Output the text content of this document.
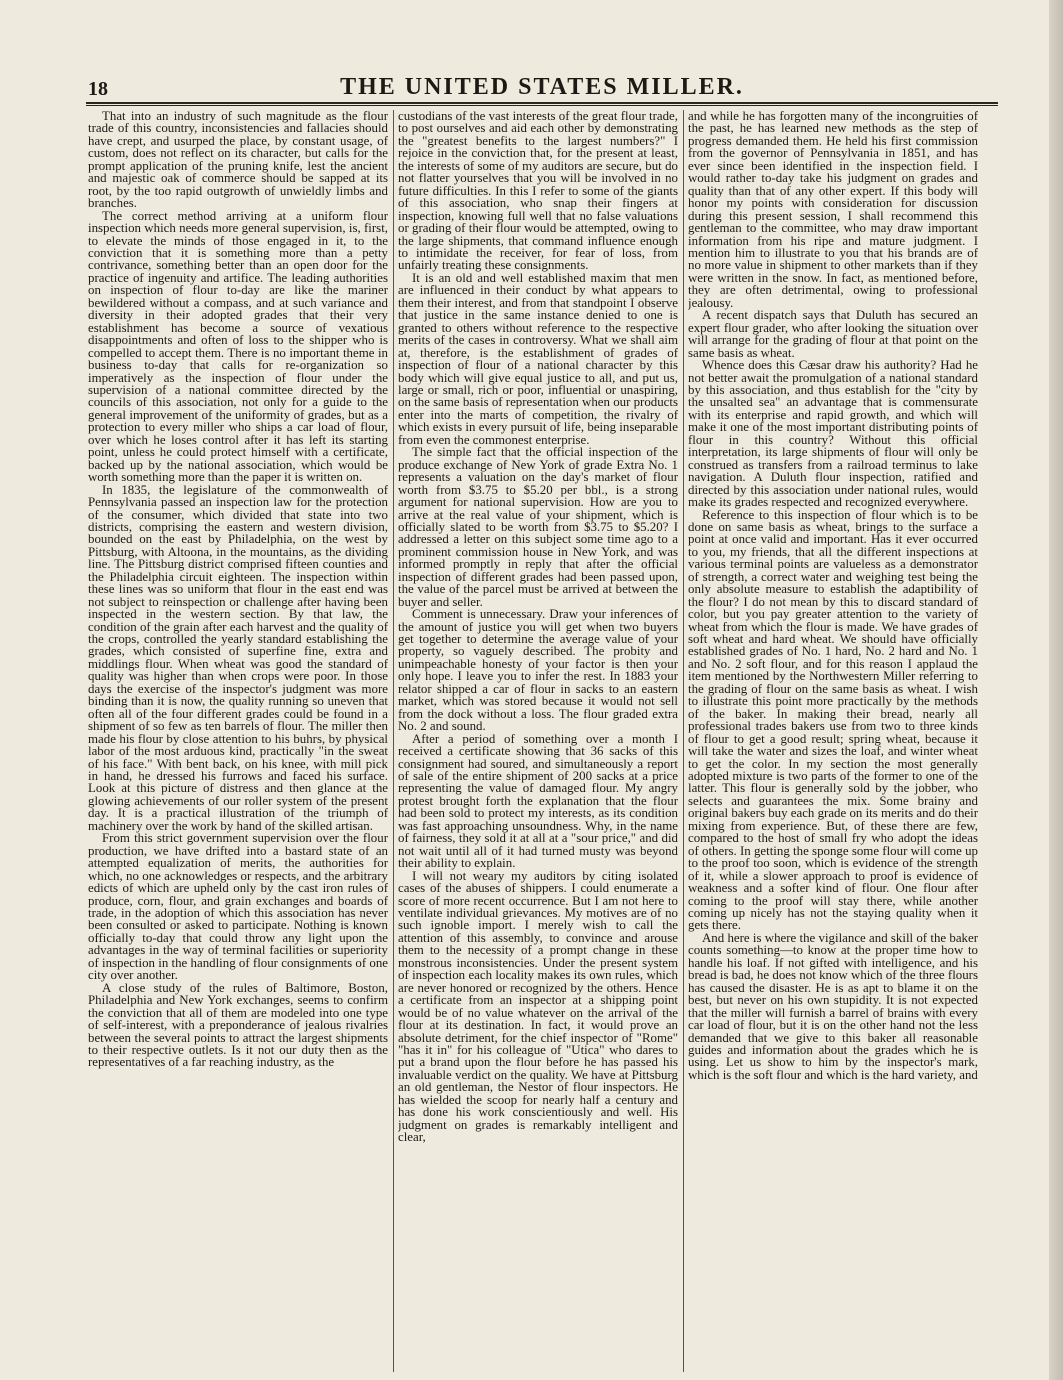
18	THE UNITED STATES MILLER.

That into an industry of such magnitude as the flour trade of this country, inconsistencies and fallacies should have crept, and usurped the place, by constant usage, of custom, does not reflect on its character, but calls for the prompt application of the pruning knife, lest the ancient and majestic oak of commerce should be sapped at its root, by the too rapid outgrowth of unwieldly limbs and branches.

The correct method arriving at a uniform flour inspection which needs more general supervision, is, first, to elevate the minds of those engaged in it, to the conviction that it is something more than a petty contrivance, something better than an open door for the practice of ingenuity and artifice. The leading authorities on inspection of flour to-day are like the mariner bewildered without a compass, and at such variance and diversity in their adopted grades that their very establishment has become a source of vexatious disappointments and often of loss to the shipper who is compelled to accept them. There is no important theme in business to-day that calls for re-organization so imperatively as the inspection of flour under the supervision of a national committee directed by the councils of this association, not only for a guide to the general improvement of the uniformity of grades, but as a protection to every miller who ships a car load of flour, over which he loses control after it has left its starting point, unless he could protect himself with a certificate, backed up by the national association, which would be worth something more than the paper it is written on.

In 1835, the legislature of the commonwealth of Pennsylvania passed an inspection law for the protection of the consumer, which divided that state into two districts, comprising the eastern and western division, bounded on the east by Philadelphia, on the west by Pittsburg, with Altoona, in the mountains, as the dividing line. The Pittsburg district comprised fifteen counties and the Philadelphia circuit eighteen. The inspection within these lines was so uniform that flour in the east end was not subject to reinspection or challenge after having been inspected in the western section. By that law, the condition of the grain after each harvest and the quality of the crops, controlled the yearly standard establishing the grades, which consisted of superfine fine, extra and middlings flour. When wheat was good the standard of quality was higher than when crops were poor. In those days the exercise of the inspector's judgment was more binding than it is now, the quality running so uneven that often all of the four different grades could be found in a shipment of so few as ten barrels of flour. The miller then made his flour by close attention to his buhrs, by physical labor of the most arduous kind, practically "in the sweat of his face." With bent back, on his knee, with mill pick in hand, he dressed his furrows and faced his surface. Look at this picture of distress and then glance at the glowing achievements of our roller system of the present day. It is a practical illustration of the triumph of machinery over the work by hand of the skilled artisan.

From this strict government supervision over the flour production, we have drifted into a bastard state of an attempted equalization of merits, the authorities for which, no one acknowledges or respects, and the arbitrary edicts of which are upheld only by the cast iron rules of produce, corn, flour, and grain exchanges and boards of trade, in the adoption of which this association has never been consulted or asked to participate. Nothing is known officially to-day that could throw any light upon the advantages in the way of terminal facilities or superiority of inspection in the handling of flour consignments of one city over another.

A close study of the rules of Baltimore, Boston, Philadelphia and New York exchanges, seems to confirm the conviction that all of them are modeled into one type of self-interest, with a preponderance of jealous rivalries between the several points to attract the largest shipments to their respective outlets. Is it not our duty then as the representatives of a far reaching industry, as the

custodians of the vast interests of the great flour trade, to post ourselves and aid each other by demonstrating the "greatest benefits to the largest numbers?" I rejoice in the conviction that, for the present at least, the interests of some of my auditors are secure, but do not flatter yourselves that you will be involved in no future difficulties. In this I refer to some of the giants of this association, who snap their fingers at inspection, knowing full well that no false valuations or grading of their flour would be attempted, owing to the large shipments, that command influence enough to intimidate the receiver, for fear of loss, from unfairly treating these consignments.

It is an old and well established maxim that men are influenced in their conduct by what appears to them their interest, and from that standpoint I observe that justice in the same instance denied to one is granted to others without reference to the respective merits of the cases in controversy. What we shall aim at, therefore, is the establishment of grades of inspection of flour of a national character by this body which will give equal justice to all, and put us, large or small, rich or poor, influential or unaspiring, on the same basis of representation when our products enter into the marts of competition, the rivalry of which exists in every pursuit of life, being inseparable from even the commonest enterprise.

The simple fact that the official inspection of the produce exchange of New York of grade Extra No. 1 represents a valuation on the day's market of flour worth from $3.75 to $5.20 per bbl., is a strong argument for national supervision. How are you to arrive at the real value of your shipment, which is officially slated to be worth from $3.75 to $5.20? I addressed a letter on this subject some time ago to a prominent commission house in New York, and was informed promptly in reply that after the official inspection of different grades had been passed upon, the value of the parcel must be arrived at between the buyer and seller.

Comment is unnecessary. Draw your inferences of the amount of justice you will get when two buyers get together to determine the average value of your property, so vaguely described. The probity and unimpeachable honesty of your factor is then your only hope. I leave you to infer the rest. In 1883 your relator shipped a car of flour in sacks to an eastern market, which was stored because it would not sell from the dock without a loss. The flour graded extra No. 2 and sound.

After a period of something over a month I received a certificate showing that 36 sacks of this consignment had soured, and simultaneously a report of sale of the entire shipment of 200 sacks at a price representing the value of damaged flour. My angry protest brought forth the explanation that the flour had been sold to protect my interests, as its condition was fast approaching unsoundness. Why, in the name of fairness, they sold it at all at a "sour price," and did not wait until all of it had turned musty was beyond their ability to explain.

I will not weary my auditors by citing isolated cases of the abuses of shippers. I could enumerate a score of more recent occurrence. But I am not here to ventilate individual grievances. My motives are of no such ignoble import. I merely wish to call the attention of this assembly, to convince and arouse them to the necessity of a prompt change in these monstrous inconsistencies. Under the present system of inspection each locality makes its own rules, which are never honored or recognized by the others. Hence a certificate from an inspector at a shipping point would be of no value whatever on the arrival of the flour at its destination. In fact, it would prove an absolute detriment, for the chief inspector of "Rome" "has it in" for his colleague of "Utica" who dares to put a brand upon the flour before he has passed his invaluable verdict on the quality. We have at Pittsburg an old gentleman, the Nestor of flour inspectors. He has wielded the scoop for nearly half a century and has done his work conscientiously and well. His judgment on grades is remarkably intelligent and clear,

and while he has forgotten many of the incongruities of the past, he has learned new methods as the step of progress demanded them. He held his first commission from the governor of Pennsylvania in 1851, and has ever since been identified in the inspection field. I would rather to-day take his judgment on grades and quality than that of any other expert. If this body will honor my points with consideration for discussion during this present session, I shall recommend this gentleman to the committee, who may draw important information from his ripe and mature judgment. I mention him to illustrate to you that his brands are of no more value in shipment to other markets than if they were written in the snow. In fact, as mentioned before, they are often detrimental, owing to professional jealousy.

A recent dispatch says that Duluth has secured an expert flour grader, who after looking the situation over will arrange for the grading of flour at that point on the same basis as wheat.

Whence does this Cæsar draw his authority? Had he not better await the promulgation of a national standard by this association, and thus establish for the "city by the unsalted sea" an advantage that is commensurate with its enterprise and rapid growth, and which will make it one of the most important distributing points of flour in this country? Without this official interpretation, its large shipments of flour will only be construed as transfers from a railroad terminus to lake navigation. A Duluth flour inspection, ratified and directed by this association under national rules, would make its grades respected and recognized everywhere.

Reference to this inspection of flour which is to be done on same basis as wheat, brings to the surface a point at once valid and important. Has it ever occurred to you, my friends, that all the different inspections at various terminal points are valueless as a demonstrator of strength, a correct water and weighing test being the only absolute measure to establish the adaptibility of the flour? I do not mean by this to discard standard of color, but you pay greater attention to the variety of wheat from which the flour is made. We have grades of soft wheat and hard wheat. We should have officially established grades of No. 1 hard, No. 2 hard and No. 1 and No. 2 soft flour, and for this reason I applaud the item mentioned by the Northwestern Miller referring to the grading of flour on the same basis as wheat. I wish to illustrate this point more practically by the methods of the baker. In making their bread, nearly all professional trades bakers use from two to three kinds of flour to get a good result; spring wheat, because it will take the water and sizes the loaf, and winter wheat to get the color. In my section the most generally adopted mixture is two parts of the former to one of the latter. This flour is generally sold by the jobber, who selects and guarantees the mix. Some brainy and original bakers buy each grade on its merits and do their mixing from experience. But, of these there are few, compared to the host of small fry who adopt the ideas of others. In getting the sponge some flour will come up to the proof too soon, which is evidence of the strength of it, while a slower approach to proof is evidence of weakness and a softer kind of flour. One flour after coming to the proof will stay there, while another coming up nicely has not the staying quality when it gets there.

And here is where the vigilance and skill of the baker counts something—to know at the proper time how to handle his loaf. If not gifted with intelligence, and his bread is bad, he does not know which of the three flours has caused the disaster. He is as apt to blame it on the best, but never on his own stupidity. It is not expected that the miller will furnish a barrel of brains with every car load of flour, but it is on the other hand not the less demanded that we give to this baker all reasonable guides and information about the grades which he is using. Let us show to him by the inspector's mark, which is the soft flour and which is the hard variety, and
